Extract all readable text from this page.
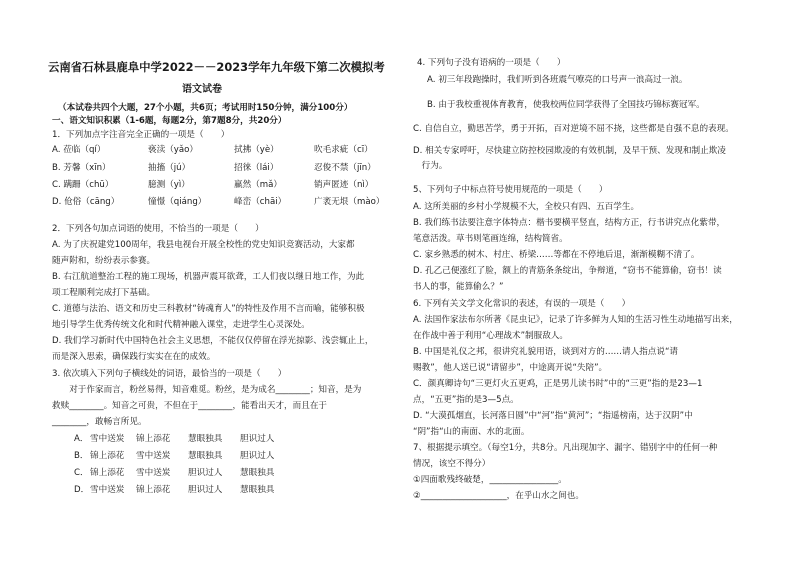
云南省石林县鹿阜中学2022－－2023学年九年级下第二次模拟考
语文试卷
（本试卷共四个大题，27个小题，共6页；考试用时150分钟，满分100分）
一、语文知识积累（1-6题，每题2分，第7题8分，共20分）
1．下列加点字注音完全正确的一项是（　　）
A. 莅临（qí）	亵渎（yǎo）	拭拂（yè）	吹毛求疵（cī）
B. 芳馨（xīn）	抽搐（jú）	招徕（lái）	忍俊不禁（jīn）
C. 蹒跚（chū）	臆测（yì）	羸然（mǎ）	销声匿迹（nì）
D. 伧俗（cāng）	憧憬（qiáng）	峰峦（chāi）	广袤无垠（mào）
2．下列各句加点词语的使用，不恰当的一项是（　　）
A. 为了庆祝建党100周年，我县电视台开展全校性的党史知识竞赛活动，大家都
随声附和，纷纷表示参赛。
B. 右江航道整治工程的施工现场，机器声震耳欲聋，工人们夜以继日地工作，为此
项工程顺利完成打下基础。
C. 道德与法治、语文和历史三科教材“铸魂育人”的特性及作用不言而喻，能够积极
地引导学生优秀传统文化和时代精神融入课堂，走进学生心灵深处。
D. 我们学习新时代中国特色社会主义思想，不能仅仅停留在浮光掠影、浅尝辄止上，
而是深入思索，确保践行实实在在的成效。
3. 依次填入下列句子横线处的词语，最恰当的一项是（　　）
　　对于作家而言，粉丝易得，知音难觅。粉丝，是为成名________；知音，是为
救赎________。知音之可贵，不但在于________，能看出天才，而且在于
________，敢畅言所见。
A． 雪中送炭 锦上添花 慧眼独具 胆识过人
B． 锦上添花 雪中送炭 慧眼独具 胆识过人
C． 锦上添花 雪中送炭 胆识过人 慧眼独具
D． 雪中送炭 锦上添花 胆识过人 慧眼独具
4. 下列句子没有语病的一项是（　　）
A. 初三年段跑操时，我们听到各班震气嘹亮的口号声一浪高过一浪。
B. 由于我校重视体育教育，使我校两位同学获得了全国技巧锦标赛冠军。
C. 自信自立，勤思苦学，勇于开拓，百对逆境不屈不挠，这些都是自强不息的表现。
D. 相关专家呼吁，尽快建立防控校园欺凌的有效机制，及早干预、发现和制止欺凌
　行为。
5、下列句子中标点符号使用规范的一项是（　　）
A. 这所美丽的乡村小学规模不大，全校只有四、五百学生。
B. 我们练书法要注意字体特点：楷书要横平竖直，结构方正，行书讲究点化紫带，
笔意活泼。草书则笔画连绵，结构简省。
C. 家乡熟悉的树木、村庄、桥梁……等都在不停地后退，渐渐模糊不清了。
D. 孔乙己便涨红了脸，额上的青筋条条绽出，争辩道，“窃书不能算偷，窃书！读
书人的事，能算偷么？”
6. 下列有关文学文化常识的表述，有误的一项是（　　）
A. 法国作家法布尔所著《昆虫记》，记录了许多鲜为人知的生活习性生动地描写出来，
在作战中善于利用“心理战术”制服敌人。
B. 中国是礼仪之邦，很讲究礼貌用语，谈到对方的……请人指点说“请
赐教”，他人送已说“请留步”，中途离开说“失陪”。
C．颜真卿诗句“三更灯火五更鸡，正是男儿读书时”中的“三更”指的是23—1
点，“五更”指的是3—5点。
D. “大漠孤烟直，长河落日圆”中“河”指“黄河”；“指遥榜南，达于汉阴”中
“阴”指“山的南面、水的北面。
7、根据提示填空。（每空1分，共8分。凡出现加字、漏字、错别字中的任何一种
情况，该空不得分）
①四面歌残终破楚，________________。
②____________________，在乎山水之间也。
